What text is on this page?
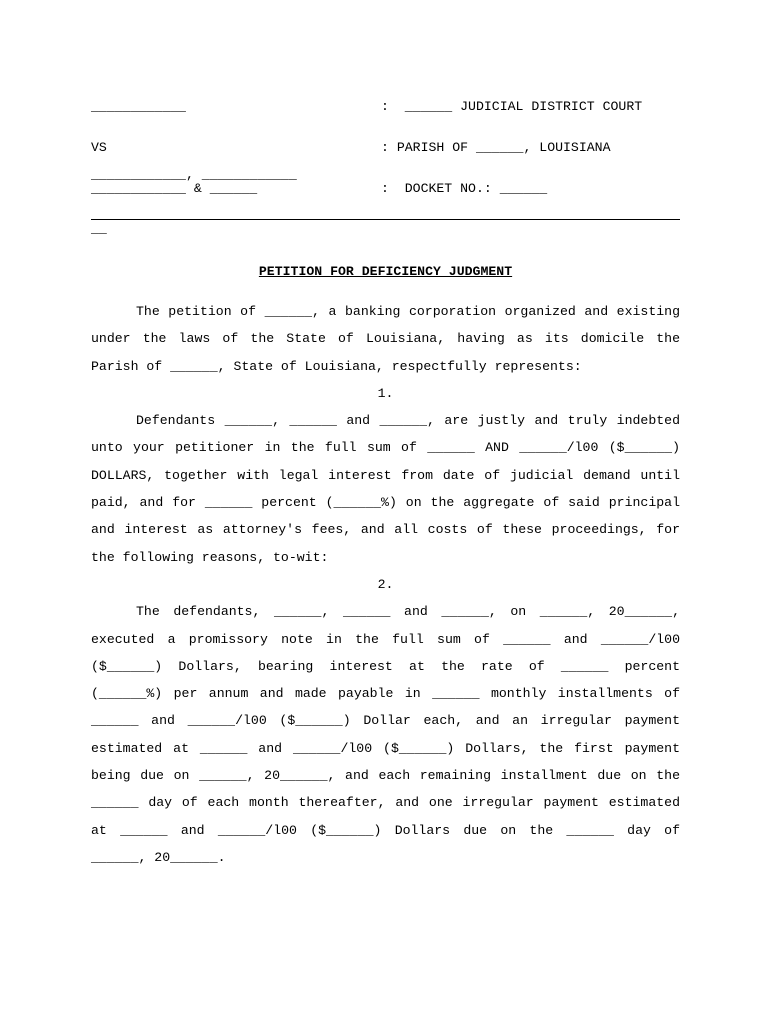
____________	:  ______ JUDICIAL DISTRICT COURT
VS	: PARISH OF ______, LOUISIANA
____________, ____________
____________ & ______	:  DOCKET NO.: ______
__
PETITION FOR DEFICIENCY JUDGMENT

The petition of ______, a banking corporation organized and existing under the laws of the State of Louisiana, having as its domicile the Parish of ______, State of Louisiana, respectfully represents:

1.

Defendants ______, ______ and ______, are justly and truly indebted unto your petitioner in the full sum of ______ AND ______/l00 ($______) DOLLARS, together with legal interest from date of judicial demand until paid, and for ______ percent (______%) on the aggregate of said principal and interest as attorney's fees, and all costs of these proceedings, for the following reasons, to-wit:

2.

The defendants, ______, ______ and ______, on ______, 20______, executed a promissory note in the full sum of ______ and ______/l00 ($______) Dollars, bearing interest at the rate of ______ percent (______%) per annum and made payable in ______ monthly installments of ______ and ______/l00 ($______) Dollar each, and an irregular payment estimated at ______ and ______/l00 ($______) Dollars, the first payment being due on ______, 20______, and each remaining installment due on the ______ day of each month thereafter, and one irregular payment estimated at ______ and ______/l00 ($______) Dollars due on the ______ day of ______, 20______.
